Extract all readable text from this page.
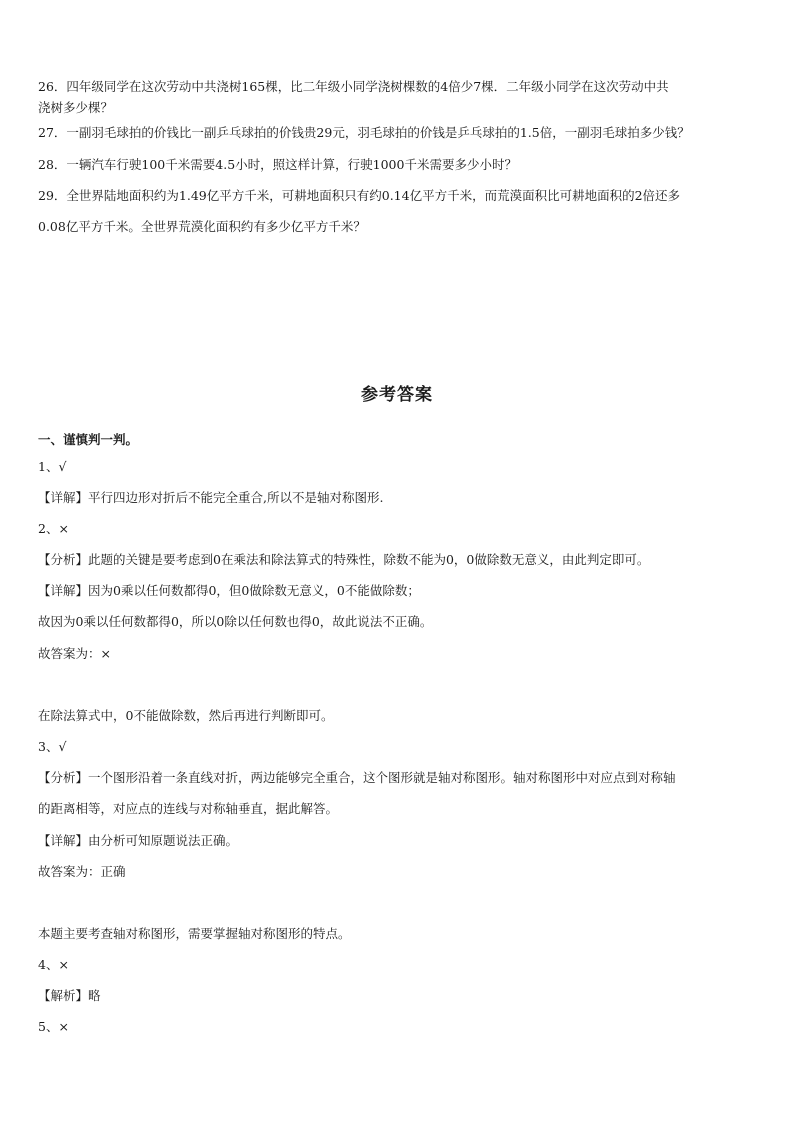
26．四年级同学在这次劳动中共浇树165棵，比二年级小同学浇树棵数的4倍少7棵．二年级小同学在这次劳动中共
浇树多少棵？
27．一副羽毛球拍的价钱比一副乒乓球拍的价钱贵29元，羽毛球拍的价钱是乒乓球拍的1.5倍，一副羽毛球拍多少钱？
28．一辆汽车行驶100千米需要4.5小时，照这样计算，行驶1000千米需要多少小时？
29．全世界陆地面积约为1.49亿平方千米，可耕地面积只有约0.14亿平方千米，而荒漠面积比可耕地面积的2倍还多
0.08亿平方千米。全世界荒漠化面积约有多少亿平方千米？
参考答案
一、谨慎判一判。
1、√
【详解】平行四边形对折后不能完全重合,所以不是轴对称图形.
2、×
【分析】此题的关键是要考虑到0在乘法和除法算式的特殊性，除数不能为0，0做除数无意义，由此判定即可。
【详解】因为0乘以任何数都得0，但0做除数无意义，0不能做除数；
故因为0乘以任何数都得0，所以0除以任何数也得0，故此说法不正确。
故答案为：×
在除法算式中，0不能做除数，然后再进行判断即可。
3、√
【分析】一个图形沿着一条直线对折，两边能够完全重合，这个图形就是轴对称图形。轴对称图形中对应点到对称轴
的距离相等，对应点的连线与对称轴垂直，据此解答。
【详解】由分析可知原题说法正确。
故答案为：正确
本题主要考查轴对称图形，需要掌握轴对称图形的特点。
4、×
【解析】略
5、×
